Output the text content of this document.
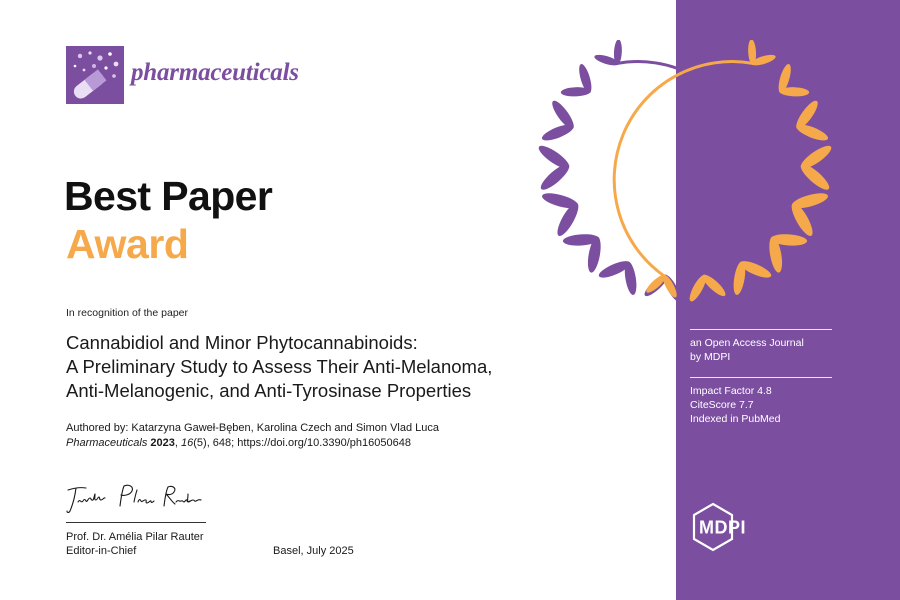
pharmaceuticals
Best Paper
Award
In recognition of the paper
Cannabidiol and Minor Phytocannabinoids:
A Preliminary Study to Assess Their Anti-Melanoma,
Anti-Melanogenic, and Anti-Tyrosinase Properties
Authored by: Katarzyna Gaweł-Bęben, Karolina Czech and Simon Vlad Luca
Pharmaceuticals 2023, 16(5), 648; https://doi.org/10.3390/ph16050648
Prof. Dr. Amélia Pilar Rauter
Editor-in-Chief	Basel, July 2025
an Open Access Journal
by MDPI
Impact Factor 4.8
CiteScore 7.7
Indexed in PubMed
MDPI
